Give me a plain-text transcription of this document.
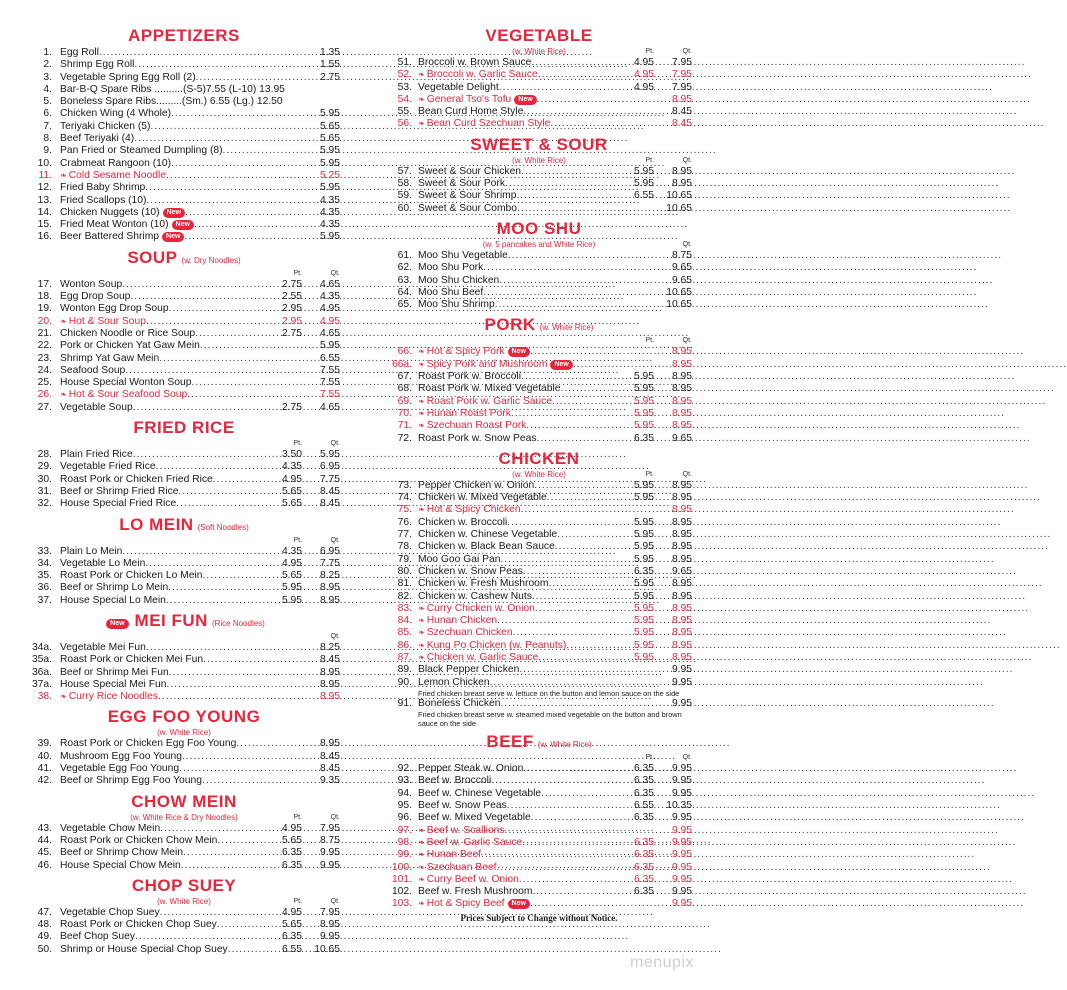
APPETIZERS
1. Egg Roll .....	1.35
2. Shrimp Egg Roll .....	1.55
3. Vegetable Spring Egg Roll (2) .....	2.75
4. Bar-B-Q Spare Ribs ..........(S-5)7.55 (L-10) 13.95
5. Boneless Spare Ribs.........(Sm.) 6.55 (Lg.) 12.50
6. Chicken Wing (4 Whole) .....	5.95
7. Teriyaki Chicken (5) .....	5.65
8. Beef Teriyaki (4) .....	5.65
9. Pan Fried or Steamed Dumpling (8) .....	5.95
10. Crabmeat Rangoon (10) .....	5.95
11. ❧ Cold Sesame Noodle .....	5.25
12. Fried Baby Shrimp .....	5.95
13. Fried Scallops (10) .....	4.35
14. Chicken Nuggets (10)	New .....	4.35
15. Fried Meat Wonton (10)	New .....	4.35
16. Beer Battered Shrimp	New .....	5.95
SOUP (w. Dry Noodles)
Pt.	Qt.
17. Wonton Soup .....	2.75	4.65
18. Egg Drop Soup .....	2.55	4.35
19. Wonton Egg Drop Soup .....	2.95	4.95
20. ❧ Hot & Sour Soup .....	2.95	4.95
21. Chicken Noodle or Rice Soup .....	2.75	4.65
22. Pork or Chicken Yat Gaw Mein .....	5.95
23. Shrimp Yat Gaw Mein .....	6.55
24. Seafood Soup .....	7.55
25. House Special Wonton Soup .....	7.55
26. ❧ Hot & Sour Seafood Soup .....	7.55
27. Vegetable Soup .....	2.75	4.65
FRIED RICE
Pt.	Qt.
28. Plain Fried Rice .....	3.50	5.95
29. Vegetable Fried Rice .....	4.35	6.95
30. Roast Pork or Chicken Fried Rice .....	4.95	7.75
31. Beef or Shrimp Fried Rice .....	5.65	8.45
32. House Special Fried Rice .....	5.65	8.45
LO MEIN (Soft Noodles)
Pt.	Qt.
33. Plain Lo Mein .....	4.35	6.95
34. Vegetable Lo Mein .....	4.95	7.75
35. Roast Pork or Chicken Lo Mein .....	5.65	8.25
36. Beef or Shrimp Lo Mein .....	5.95	8.95
37. House Special Lo Mein .....	5.95	8.95
New MEI FUN (Rice Noodles)
Qt.
34a. Vegetable Mei Fun .....	8.25
35a. Roast Pork or Chicken Mei Fun .....	8.45
36a. Beef or Shrimp Mei Fun .....	8.95
37a. House Special Mei Fun .....	8.95
38. ❧ Curry Rice Noodles .....	8.95
EGG FOO YOUNG
(w. White Rice)
39. Roast Pork or Chicken Egg Foo Young .....	8.95
40. Mushroom Egg Foo Young .....	8.45
41. Vegetable Egg Foo Young .....	8.45
42. Beef or Shrimp Egg Foo Young .....	9.35
CHOW MEIN
(w. White Rice & Dry Noodles)	Pt.	Qt.
43. Vegetable Chow Mein .....	4.95	7.95
44. Roast Pork or Chicken Chow Mein .....	5.65	8.75
45. Beef or Shrimp Chow Mein .....	6.35	9.95
46. House Special Chow Mein .....	6.35	9.95
CHOP SUEY
(w. White Rice)	Pt.	Qt.
47. Vegetable Chop Suey .....	4.95	7.95
48. Roast Pork or Chicken Chop Suey .....	5.65	8.95
49. Beef Chop Suey .....	6.35	9.95
50. Shrimp or House Special Chop Suey .....	6.55	10.65
VEGETABLE
(w. White Rice)	Pt.	Qt.
51. Broccoli w. Brown Sauce .....	4.95	7.95
52. ❧ Broccoli w. Garlic Sauce .....	4.95	7.95
53. Vegetable Delight .....	4.95	7.95
54. ❧ General Tso's Tofu	New .....	8.95
55. Bean Curd Home Style .....	8.45
56. ❧ Bean Curd Szechuan Style .....	8.45
SWEET & SOUR
(w. White Rice)	Pt.	Qt.
57. Sweet & Sour Chicken .....	5.95	8.95
58. Sweet & Sour Pork .....	5.95	8.95
59. Sweet & Sour Shrimp .....	6.55	10.65
60. Sweet & Sour Combo .....	10.65
MOO SHU
(w. 5 pancakes and White Rice)	Qt.
61. Moo Shu Vegetable .....	8.75
62. Moo Shu Pork .....	9.65
63. Moo Shu Chicken .....	9.65
64. Moo Shu Beef .....	10.65
65. Moo Shu Shrimp .....	10.65
PORK (w. White Rice)
Pt.	Qt.
66. ❧ Hot & Spicy Pork	New .....	8.95
66a. ❧ Spicy Pork and Mushroom	New .....	8.95
67. Roast Pork w. Broccoli .....	5.95	8.95
68. Roast Pork w. Mixed Vegetable .....	5.95	8.95
69. ❧ Roast Pork w. Garlic Sauce .....	5.95	8.95
70. ❧ Hunan Roast Pork .....	5.95	8.95
71. ❧ Szechuan Roast Pork .....	5.95	8.95
72. Roast Pork w. Snow Peas .....	6.35	9.65
CHICKEN
(w. White Rice)	Pt.	Qt.
73. Pepper Chicken w. Onion .....	5.95	8.95
74. Chicken w. Mixed Vegetable .....	5.95	8.95
75. ❧ Hot & Spicy Chicken .....	8.95
76. Chicken w. Broccoli .....	5.95	8.95
77. Chicken w. Chinese Vegetable .....	5.95	8.95
78. Chicken w. Black Bean Sauce .....	5.95	8.95
79. Moo Goo Gai Pan .....	5.95	8.95
80. Chicken w. Snow Peas .....	6.35	9.65
81. Chicken w. Fresh Mushroom .....	5.95	8.95
82. Chicken w. Cashew Nuts .....	5.95	8.95
83. ❧ Curry Chicken w. Onion .....	5.95	8.95
84. ❧ Hunan Chicken .....	5.95	8.95
85. ❧ Szechuan Chicken .....	5.95	8.95
86. ❧ Kung Po Chicken (w. Peanuts) .....	5.95	8.95
87. ❧ Chicken w. Garlic Sauce .....	5.95	8.95
89. Black Pepper Chicken .....	9.95
90. Lemon Chicken .....	9.95
Fried chicken breast serve w. lettuce on the button and lemon sauce on the side
91. Boneless Chicken .....	9.95
Fried chicken breast serve w. steamed mixed vegetable on the button and brown sauce on the side
BEEF (w. White Rice)
Pt.	Qt.
92. Pepper Steak w. Onion .....	6.35	9.95
93. Beef w. Broccoli .....	6.35	9.95
94. Beef w. Chinese Vegetable .....	6.35	9.95
95. Beef w. Snow Peas .....	6.55	10.35
96. Beef w. Mixed Vegetable .....	6.35	9.95
97. ❧ Beef w. Scallions .....	9.95
98. ❧ Beef w. Garlic Sauce .....	6.35	9.95
99. ❧ Hunan Beef .....	6.35	9.95
100. ❧ Szechuan Beef .....	6.35	9.95
101. ❧ Curry Beef w. Onion .....	6.35	9.95
102. Beef w. Fresh Mushroom .....	6.35	9.95
103. ❧ Hot & Spicy Beef	New .....	9.95
Prices Subject to Change without Notice.
menupix
